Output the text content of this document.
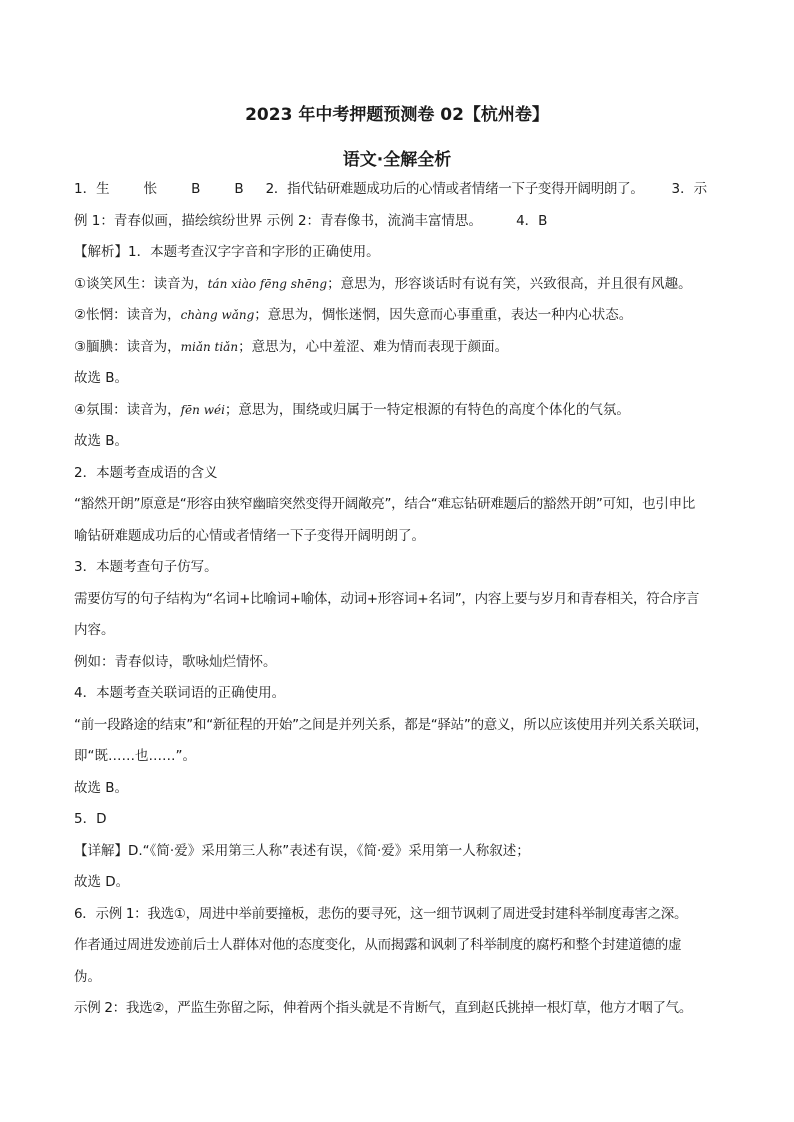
2023 年中考押题预测卷 02【杭州卷】
语文·全解全析
1．生	怅	B	B 2．指代钻研难题成功后的心情或者情绪一下子变得开阔明朗了。 3．示
例 1：青春似画，描绘缤纷世界 示例 2：青春像书，流淌丰富情思。	4．B
【解析】1．本题考查汉字字音和字形的正确使用。
①谈笑风生：读音为，tán xiào fēng shēng；意思为，形容谈话时有说有笑，兴致很高，并且很有风趣。
②怅惘：读音为，chàng wǎng；意思为，惆怅迷惘，因失意而心事重重，表达一种内心状态。
③腼腆：读音为，miǎn tiǎn；意思为，心中羞涩、难为情而表现于颜面。
故选 B。
④氛围：读音为，fēn wéi；意思为，围绕或归属于一特定根源的有特色的高度个体化的气氛。
故选 B。
2．本题考查成语的含义
“豁然开朗”原意是“形容由狭窄幽暗突然变得开阔敞亮”，结合“难忘钻研难题后的豁然开朗”可知，也引申比
喻钻研难题成功后的心情或者情绪一下子变得开阔明朗了。
3．本题考查句子仿写。
需要仿写的句子结构为“名词+比喻词+喻体，动词+形容词+名词”，内容上要与岁月和青春相关，符合序言
内容。
例如：青春似诗，歌咏灿烂情怀。
4．本题考查关联词语的正确使用。
“前一段路途的结束”和“新征程的开始”之间是并列关系，都是“驿站”的意义，所以应该使用并列关系关联词，
即“既……也……”。
故选 B。
5．D
【详解】D.“《简·爱》采用第三人称”表述有误，《简·爱》采用第一人称叙述；
故选 D。
6．示例 1：我选①，周进中举前要撞板，悲伤的要寻死，这一细节讽刺了周进受封建科举制度毒害之深。
作者通过周进发迹前后士人群体对他的态度变化，从而揭露和讽刺了科举制度的腐朽和整个封建道德的虚
伪。
示例 2：我选②，严监生弥留之际，伸着两个指头就是不肯断气，直到赵氏挑掉一根灯草，他方才咽了气。
